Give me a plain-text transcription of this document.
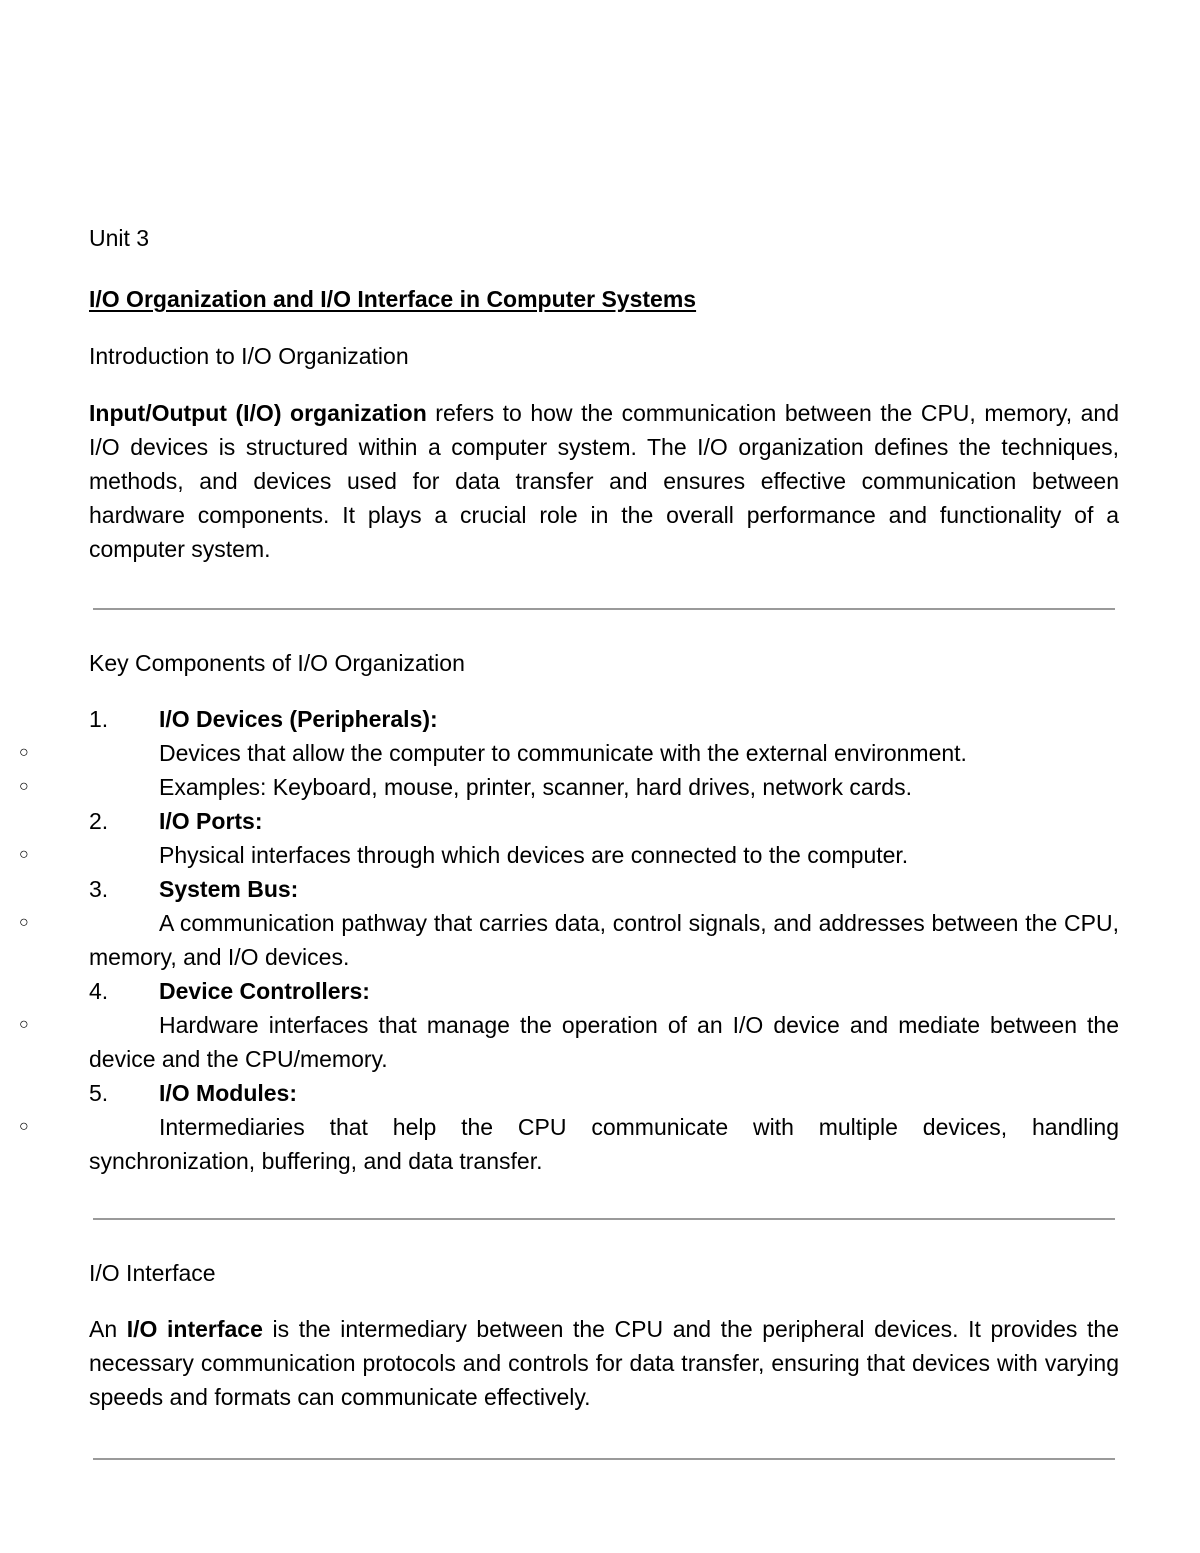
Unit 3
I/O Organization and I/O Interface in Computer Systems
Introduction to I/O Organization
Input/Output (I/O) organization refers to how the communication between the CPU, memory, and I/O devices is structured within a computer system. The I/O organization defines the techniques, methods, and devices used for data transfer and ensures effective communication between hardware components. It plays a crucial role in the overall performance and functionality of a computer system.
Key Components of I/O Organization
1. I/O Devices (Peripherals):
○	Devices that allow the computer to communicate with the external environment.
○	Examples: Keyboard, mouse, printer, scanner, hard drives, network cards.
2. I/O Ports:
○	Physical interfaces through which devices are connected to the computer.
3. System Bus:
○	A communication pathway that carries data, control signals, and addresses between the CPU, memory, and I/O devices.
4. Device Controllers:
○	Hardware interfaces that manage the operation of an I/O device and mediate between the device and the CPU/memory.
5. I/O Modules:
○	Intermediaries that help the CPU communicate with multiple devices, handling synchronization, buffering, and data transfer.
I/O Interface
An I/O interface is the intermediary between the CPU and the peripheral devices. It provides the necessary communication protocols and controls for data transfer, ensuring that devices with varying speeds and formats can communicate effectively.
